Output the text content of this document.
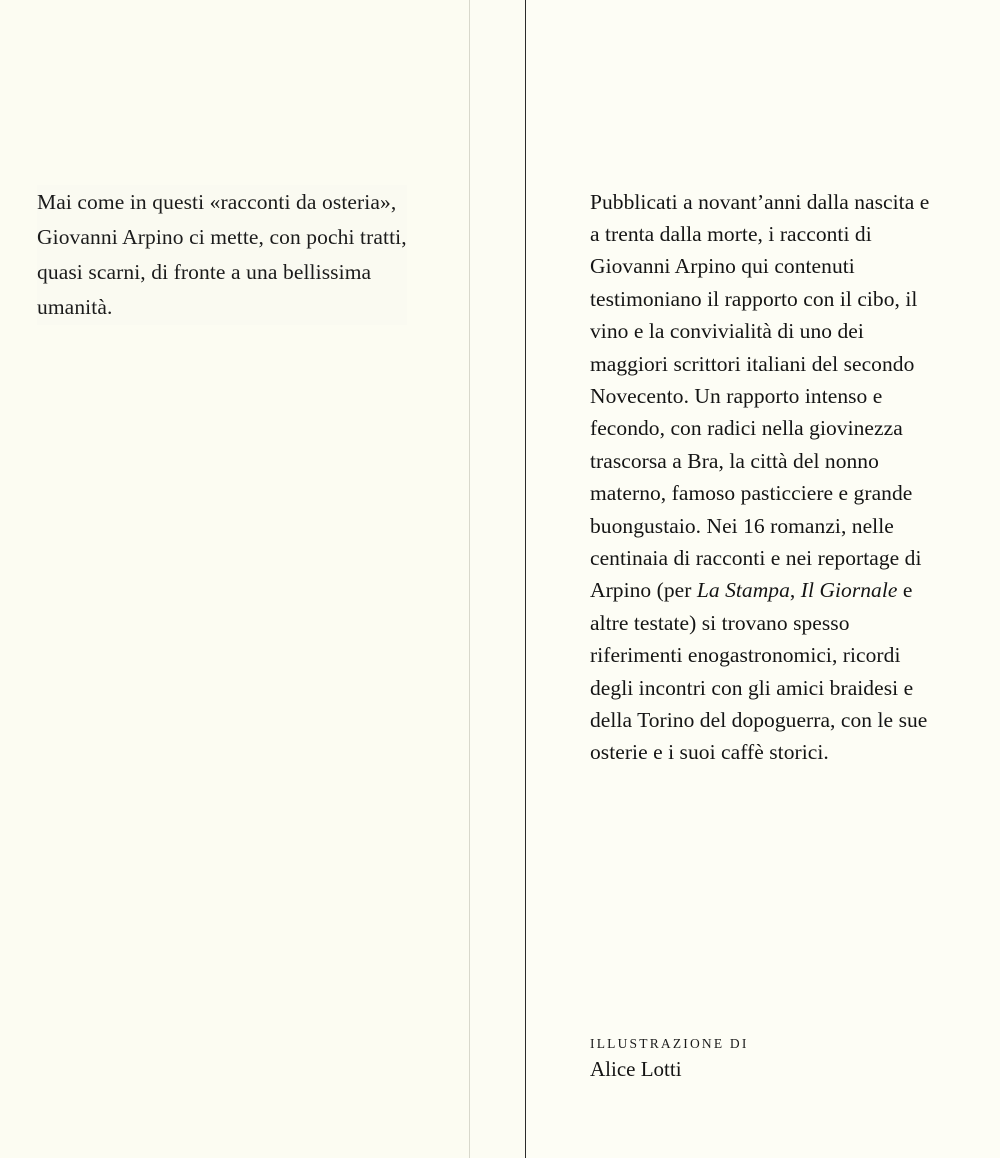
Mai come in questi «racconti da osteria», Giovanni Arpino ci mette, con pochi tratti, quasi scarni, di fronte a una bellissima umanità.

Pubblicati a novant’anni dalla nascita e a trenta dalla morte, i racconti di Giovanni Arpino qui contenuti testimoniano il rapporto con il cibo, il vino e la convivialità di uno dei maggiori scrittori italiani del secondo Novecento. Un rapporto intenso e fecondo, con radici nella giovinezza trascorsa a Bra, la città del nonno materno, famoso pasticciere e grande buongustaio. Nei 16 romanzi, nelle centinaia di racconti e nei reportage di Arpino (per La Stampa, Il Giornale e altre testate) si trovano spesso riferimenti enogastronomici, ricordi degli incontri con gli amici braidesi e della Torino del dopoguerra, con le sue osterie e i suoi caffè storici.

ILLUSTRAZIONE DI
Alice Lotti
